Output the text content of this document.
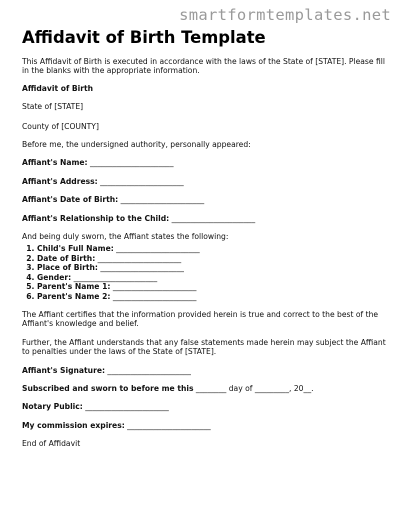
smartformtemplates.net
Affidavit of Birth Template

This Affidavit of Birth is executed in accordance with the laws of the State of [STATE]. Please fill in the blanks with the appropriate information.

Affidavit of Birth

State of [STATE]

County of [COUNTY]

Before me, the undersigned authority, personally appeared:

Affiant's Name: ______________________

Affiant's Address: ______________________

Affiant's Date of Birth: ______________________

Affiant's Relationship to the Child: ______________________

And being duly sworn, the Affiant states the following:

1. Child's Full Name: ______________________
2. Date of Birth: ______________________
3. Place of Birth: ______________________
4. Gender: ______________________
5. Parent's Name 1: ______________________
6. Parent's Name 2: ______________________

The Affiant certifies that the information provided herein is true and correct to the best of the Affiant's knowledge and belief.

Further, the Affiant understands that any false statements made herein may subject the Affiant to penalties under the laws of the State of [STATE].

Affiant's Signature: ______________________

Subscribed and sworn to before me this ________ day of _________, 20__.

Notary Public: ______________________

My commission expires: ______________________

End of Affidavit
